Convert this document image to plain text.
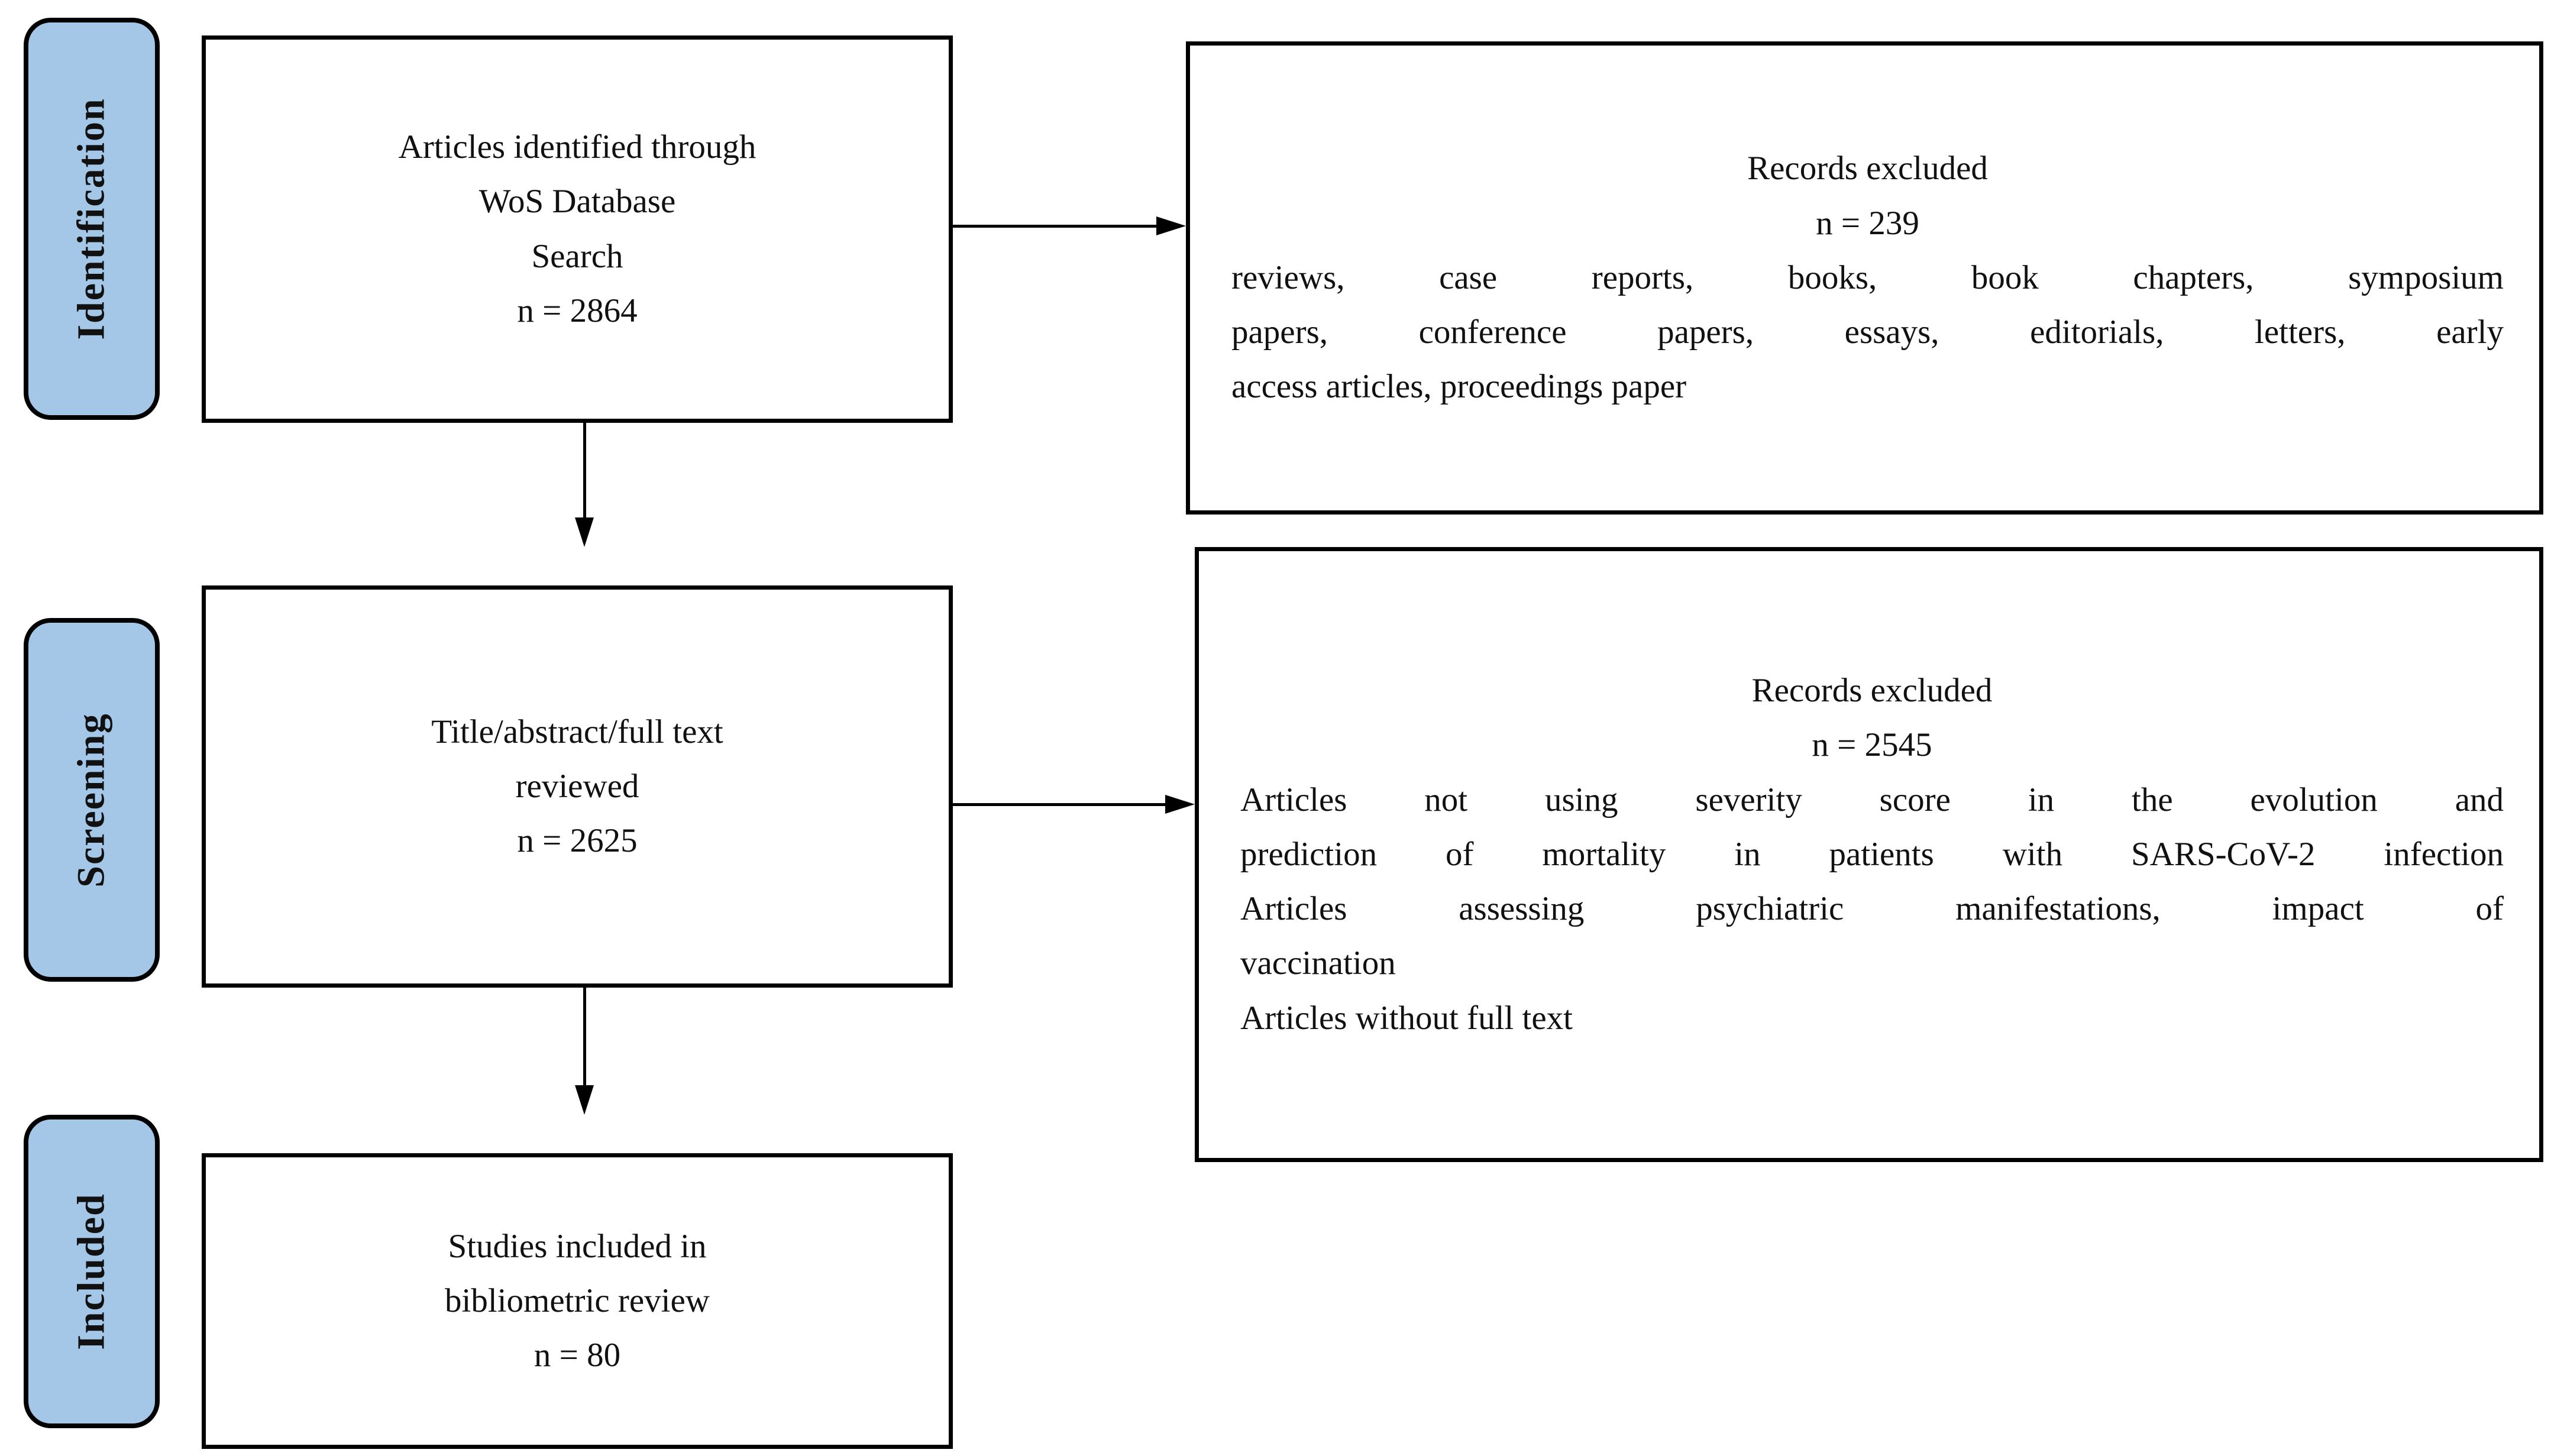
Identification
Screening
Included
Articles identified through
WoS Database
Search
n = 2864
Title/abstract/full text
reviewed
n = 2625
Studies included in
bibliometric review
n = 80
Records excluded
n = 239
reviews, case reports, books, book chapters, symposium
papers, conference papers, essays, editorials, letters, early
access articles, proceedings paper
Records excluded
n = 2545
Articles not using severity score in the evolution and
prediction of mortality in patients with SARS-CoV-2 infection
Articles assessing psychiatric manifestations, impact of
vaccination
Articles without full text
